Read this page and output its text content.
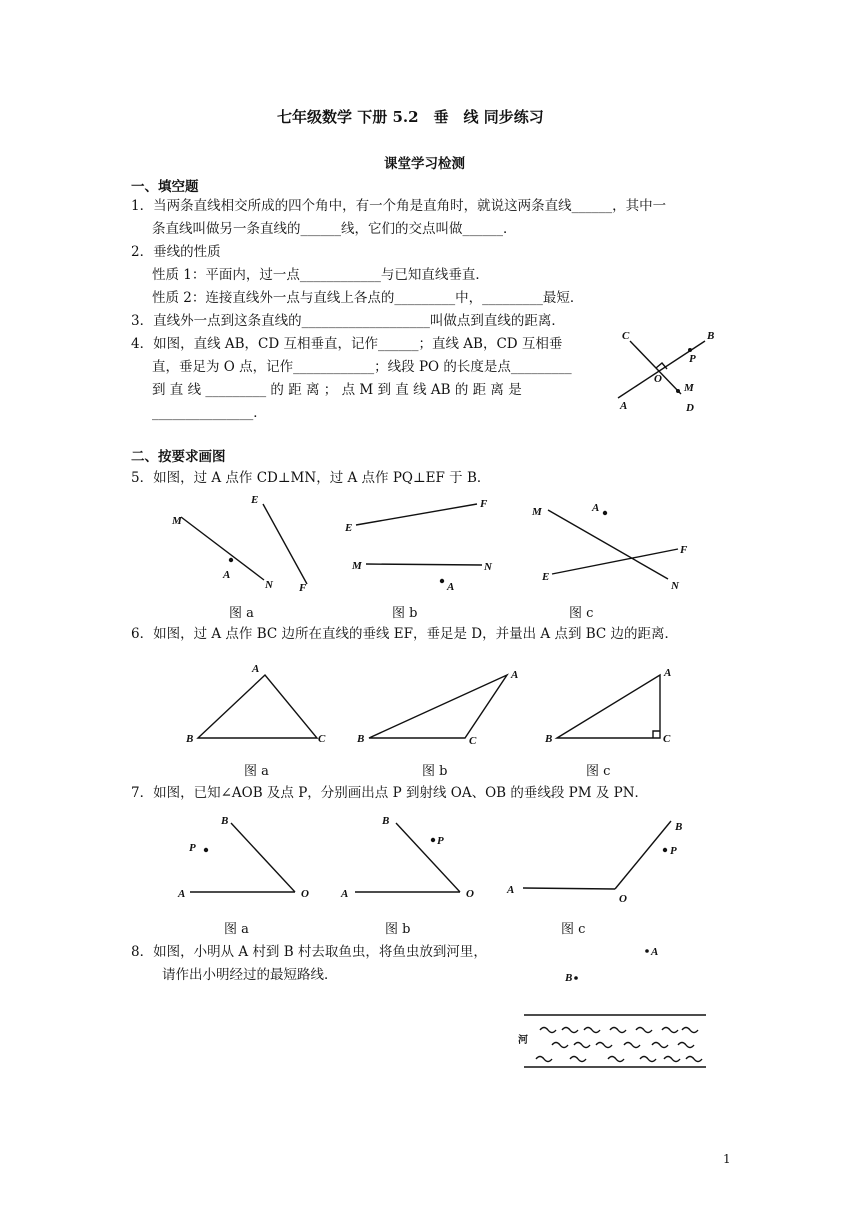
七年级数学 下册 5.2　垂　线 同步练习
课堂学习检测
一、填空题
1．当两条直线相交所成的四个角中，有一个角是直角时，就说这两条直线______，其中一
条直线叫做另一条直线的______线，它们的交点叫做______．
2．垂线的性质
性质 1：平面内，过一点____________与已知直线垂直．
性质 2：连接直线外一点与直线上各点的_________中，_________最短．
3．直线外一点到这条直线的___________________叫做点到直线的距离．
4．如图，直线 AB，CD 互相垂直，记作______；直线 AB，CD 互相垂
直，垂足为 O 点，记作____________；线段 PO 的长度是点_________
到 直 线 _________ 的 距 离 ； 点 M 到 直 线 AB 的 距 离 是
_______________．
C	B
P
O
M
A	D
二、按要求画图
5．如图，过 A 点作 CD⊥MN，过 A 点作 PQ⊥EF 于 B．
M
E
A
N F
图 a
E
F
M	N
A
图 b
M	A
F
E
N
图 c
6．如图，过 A 点作 BC 边所在直线的垂线 EF，垂足是 D，并量出 A 点到 BC 边的距离．
A
B	C
图 a
B
A
C
图 b
B
A
C
图 c
7．如图，已知∠AOB 及点 P，分别画出点 P 到射线 OA、OB 的垂线段 PM 及 PN．
B
P
A	O
图 a
B
P
A	O
图 b
A
O
B
P
图 c
8．如图，小明从 A 村到 B 村去取鱼虫，将鱼虫放到河里，
请作出小明经过的最短路线．
A
B
河
1
